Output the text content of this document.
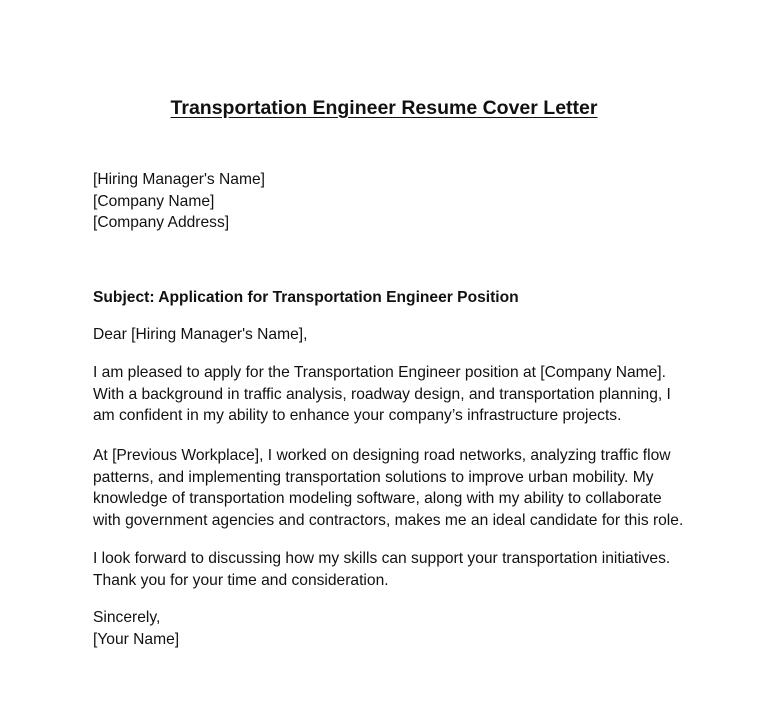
Transportation Engineer Resume Cover Letter
[Hiring Manager's Name]
[Company Name]
[Company Address]
Subject: Application for Transportation Engineer Position
Dear [Hiring Manager's Name],
I am pleased to apply for the Transportation Engineer position at [Company Name].
With a background in traffic analysis, roadway design, and transportation planning, I
am confident in my ability to enhance your company’s infrastructure projects.
At [Previous Workplace], I worked on designing road networks, analyzing traffic flow
patterns, and implementing transportation solutions to improve urban mobility. My
knowledge of transportation modeling software, along with my ability to collaborate
with government agencies and contractors, makes me an ideal candidate for this role.
I look forward to discussing how my skills can support your transportation initiatives.
Thank you for your time and consideration.
Sincerely,
[Your Name]
